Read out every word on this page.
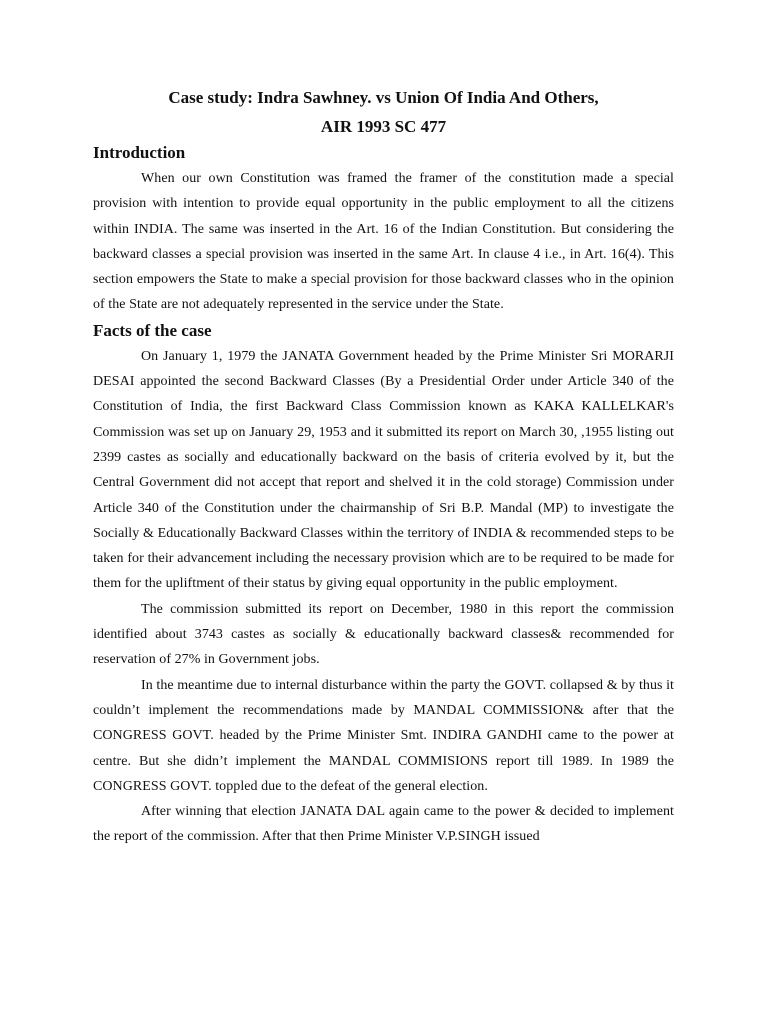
Case study: Indra Sawhney. vs Union Of India And Others,

AIR 1993 SC 477

Introduction

When our own Constitution was framed the framer of the constitution made a special provision with intention to provide equal opportunity in the public employment to all the citizens within INDIA. The same was inserted in the Art. 16 of the Indian Constitution. But considering the backward classes a special provision was inserted in the same Art. In clause 4 i.e., in Art. 16(4). This section empowers the State to make a special provision for those backward classes who in the opinion of the State are not adequately represented in the service under the State.

Facts of the case

On January 1, 1979 the JANATA Government headed by the Prime Minister Sri MORARJI DESAI appointed the second Backward Classes (By a Presidential Order under Article 340 of the Constitution of India, the first Backward Class Commission known as KAKA KALLELKAR's Commission was set up on January 29, 1953 and it submitted its report on March 30, ,1955 listing out 2399 castes as socially and educationally backward on the basis of criteria evolved by it, but the Central Government did not accept that report and shelved it in the cold storage) Commission under Article 340 of the Constitution under the chairmanship of Sri B.P. Mandal (MP) to investigate the Socially & Educationally Backward Classes within the territory of INDIA & recommended steps to be taken for their advancement including the necessary provision which are to be required to be made for them for the upliftment of their status by giving equal opportunity in the public employment.

The commission submitted its report on December, 1980 in this report the commission identified about 3743 castes as socially & educationally backward classes& recommended for reservation of 27% in Government jobs.

In the meantime due to internal disturbance within the party the GOVT. collapsed & by thus it couldn’t implement the recommendations made by MANDAL COMMISSION& after that the CONGRESS GOVT. headed by the Prime Minister Smt. INDIRA GANDHI came to the power at centre. But she didn’t implement the MANDAL COMMISIONS report till 1989. In 1989 the CONGRESS GOVT. toppled due to the defeat of the general election.

After winning that election JANATA DAL again came to the power & decided to implement the report of the commission. After that then Prime Minister V.P.SINGH issued
